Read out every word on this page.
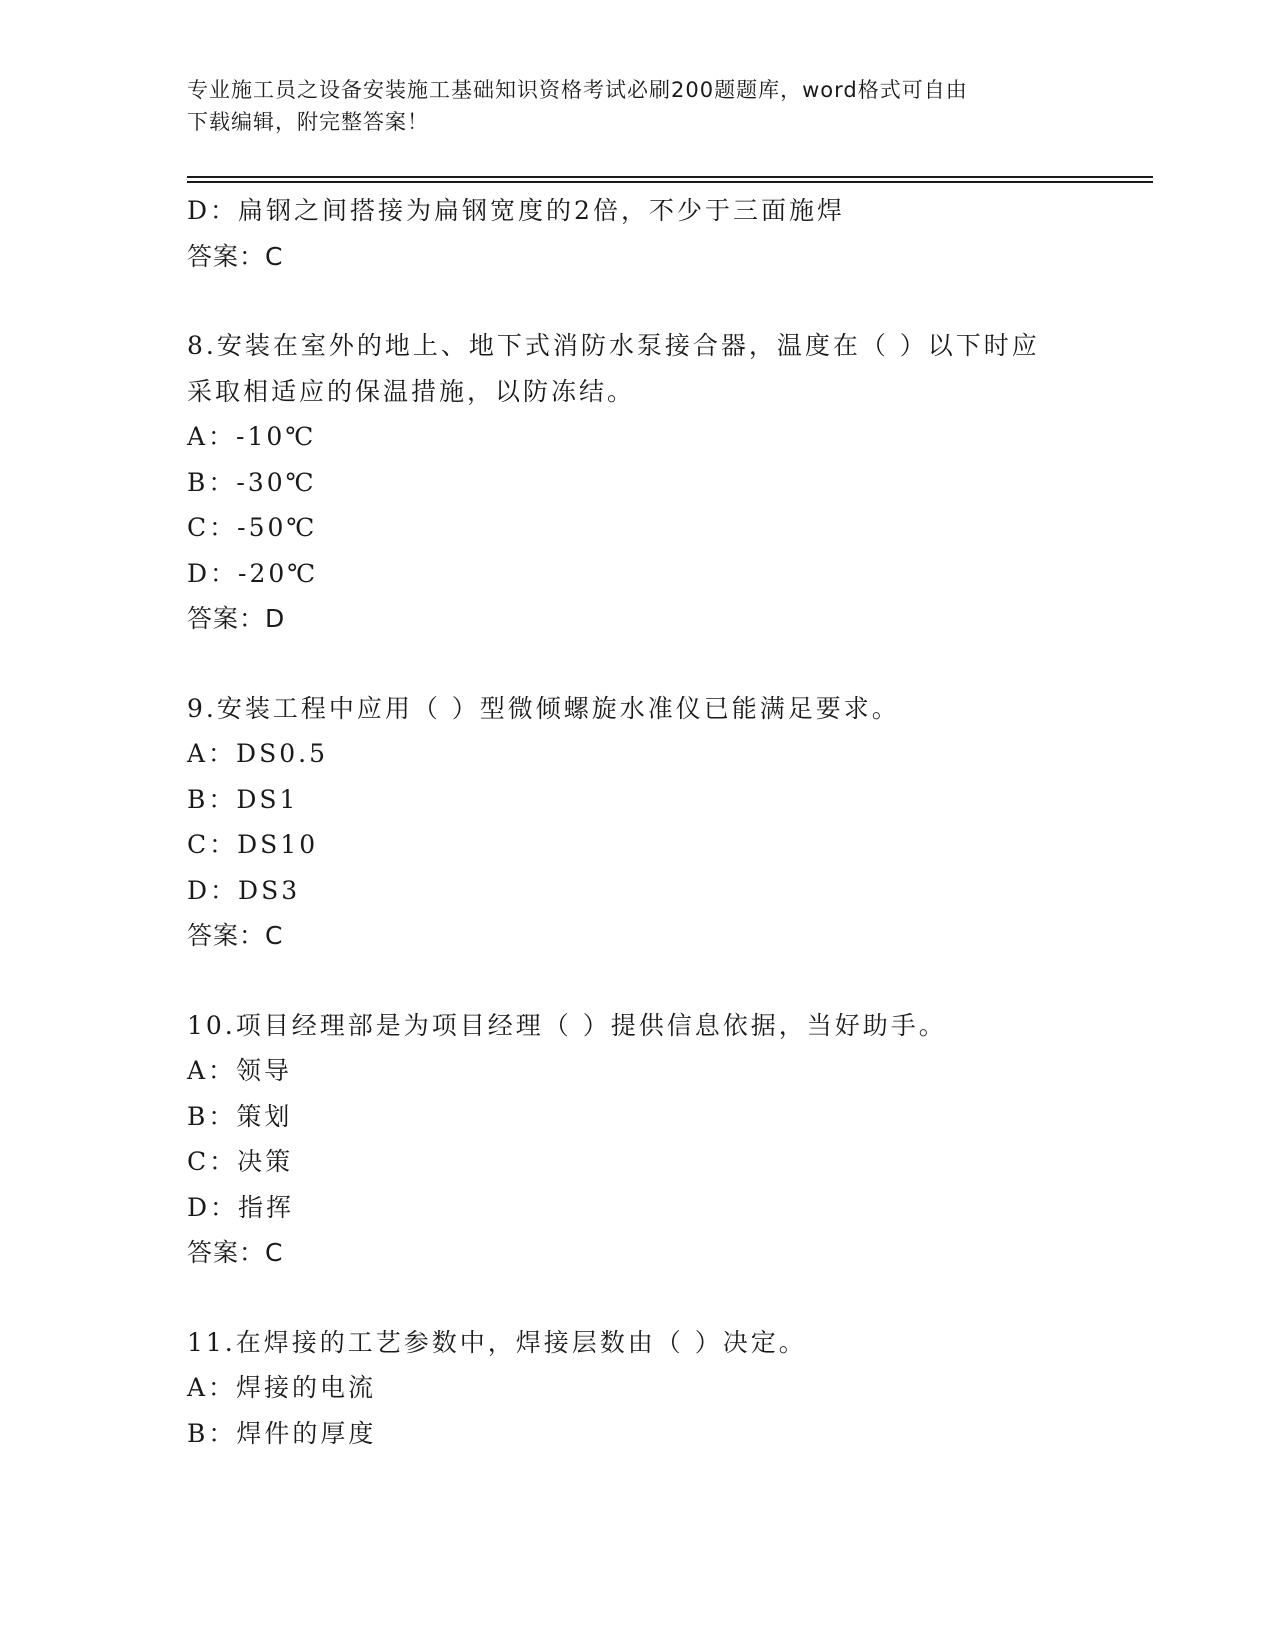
专业施工员之设备安装施工基础知识资格考试必刷200题题库，word格式可自由
下载编辑，附完整答案！
D：扁钢之间搭接为扁钢宽度的2倍，不少于三面施焊
答案：C
8.安装在室外的地上、地下式消防水泵接合器，温度在（ ）以下时应
采取相适应的保温措施，以防冻结。
A：-10℃
B：-30℃
C：-50℃
D：-20℃
答案：D
9.安装工程中应用（ ）型微倾螺旋水准仪已能满足要求。
A：DS0.5
B：DS1
C：DS10
D：DS3
答案：C
10.项目经理部是为项目经理（ ）提供信息依据，当好助手。
A：领导
B：策划
C：决策
D：指挥
答案：C
11.在焊接的工艺参数中，焊接层数由（ ）决定。
A：焊接的电流
B：焊件的厚度
